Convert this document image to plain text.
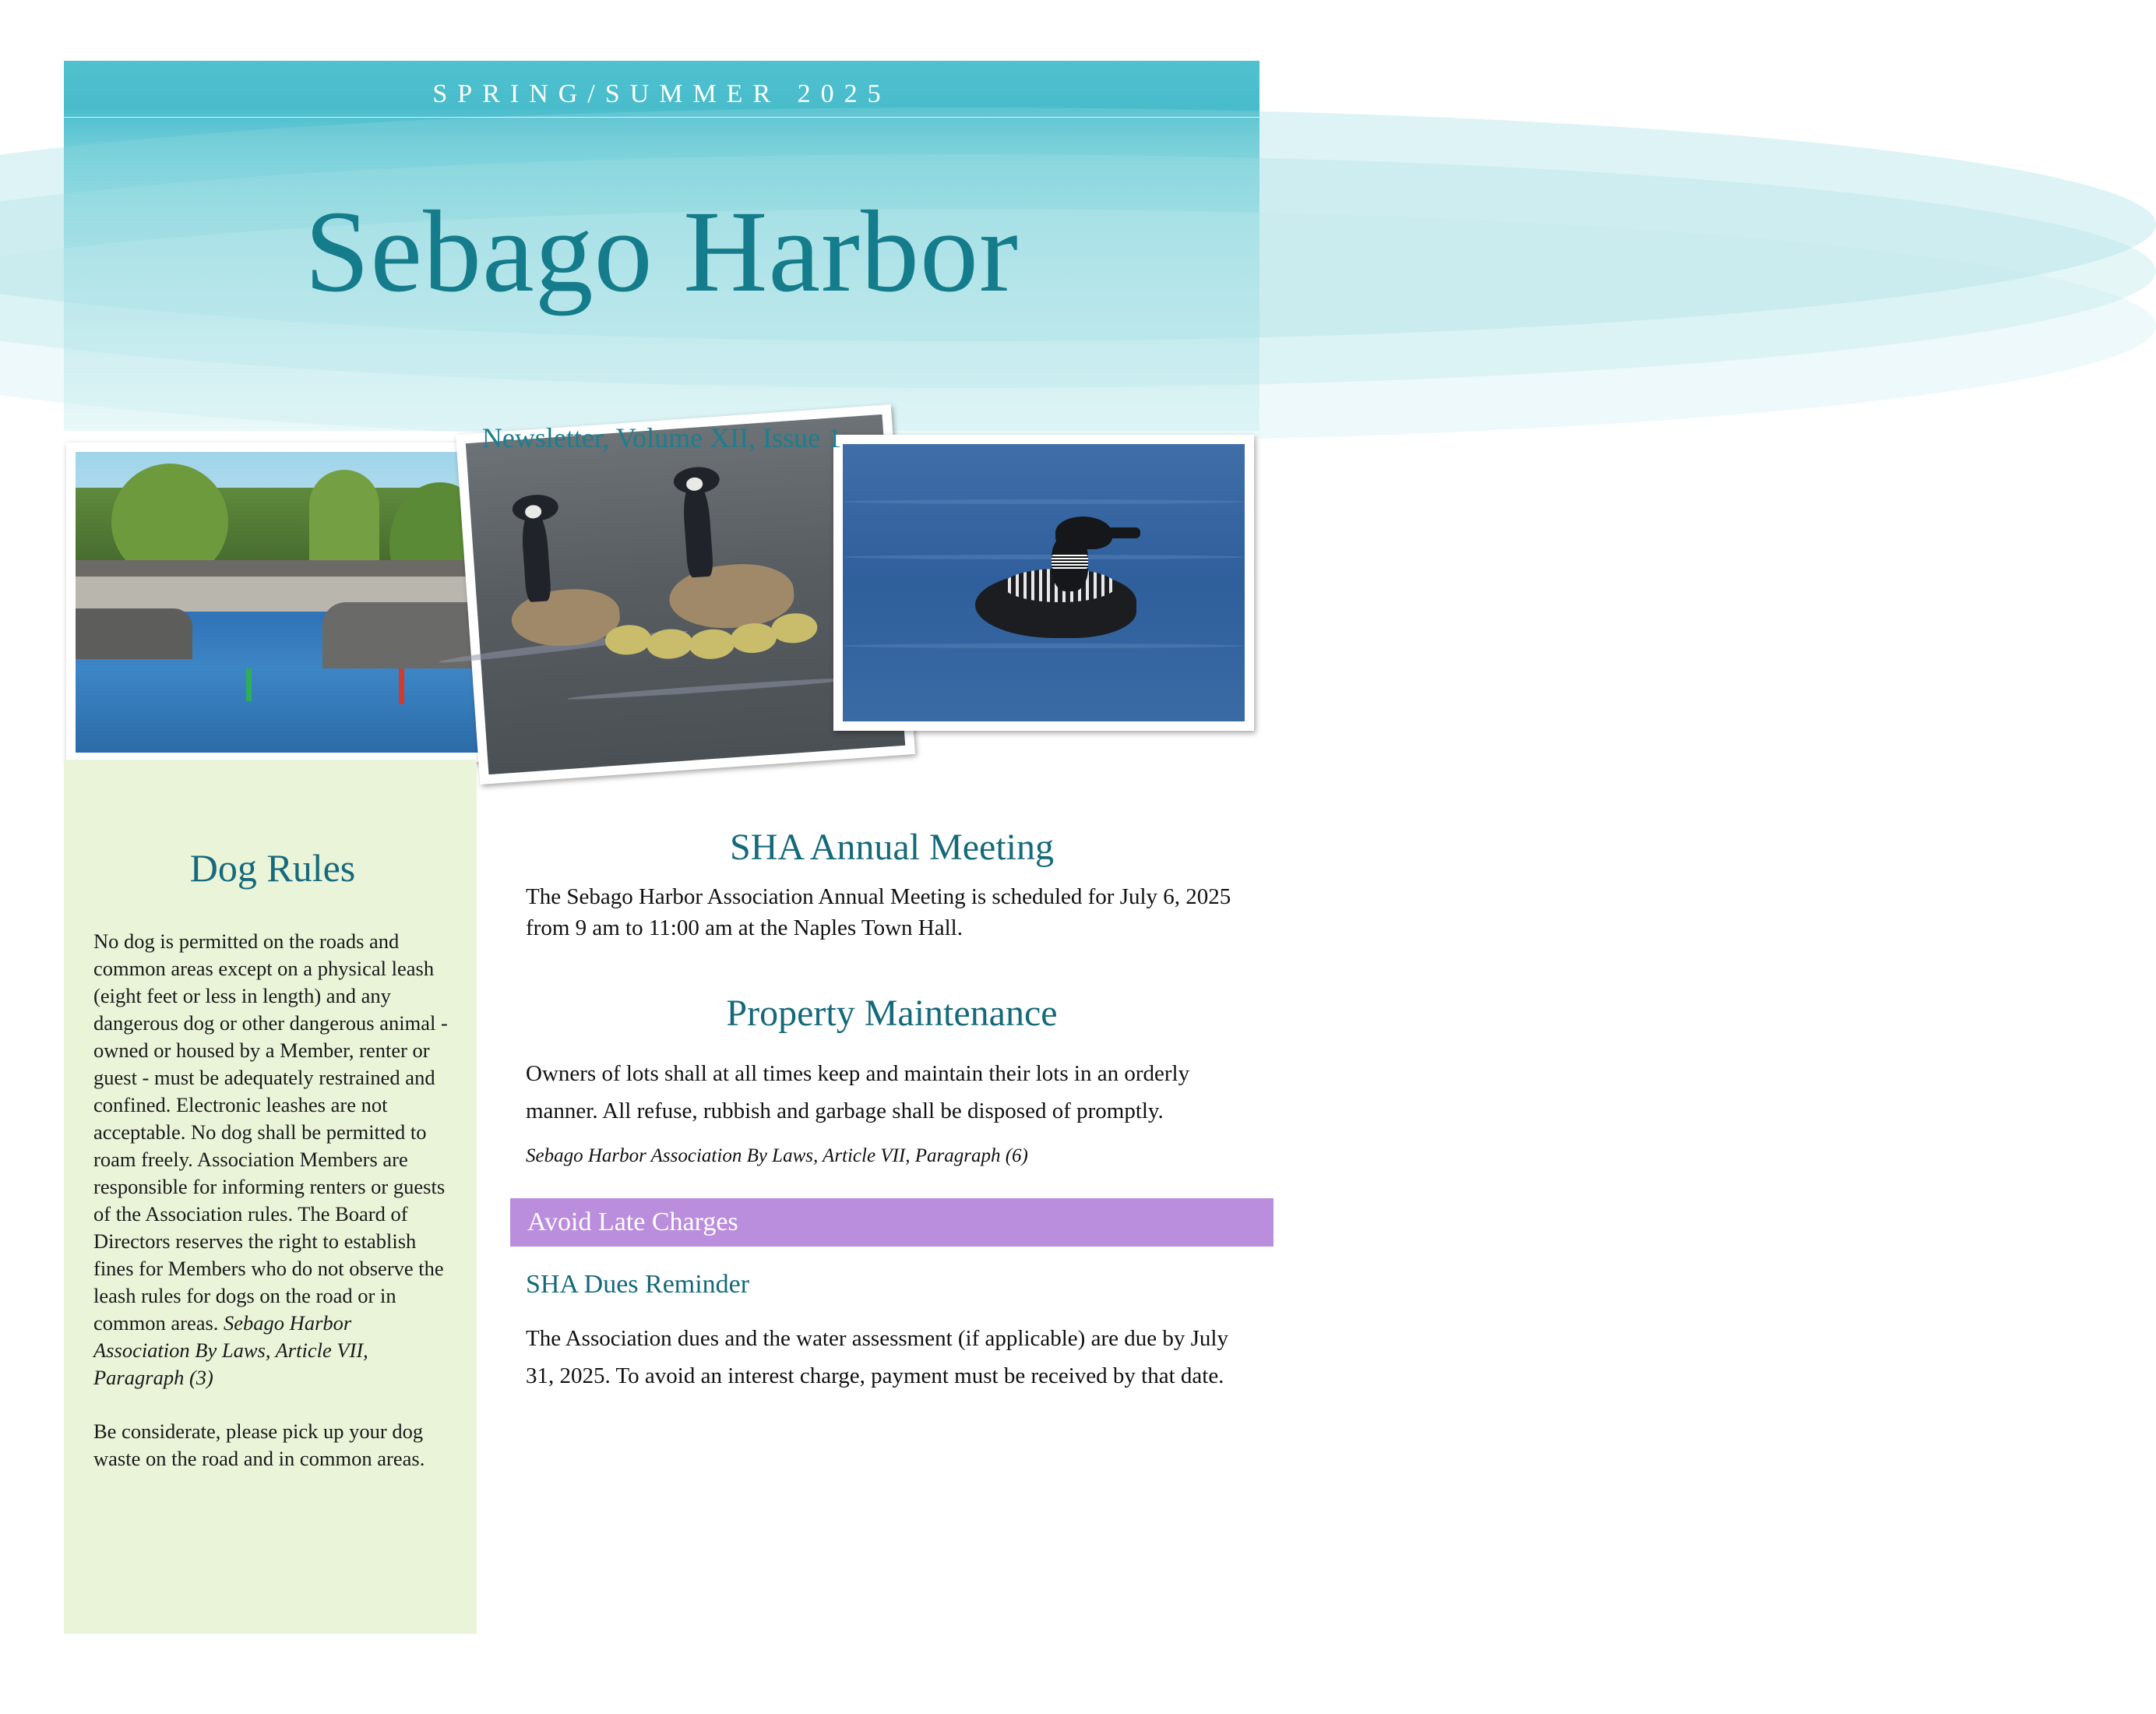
SPRING/SUMMER 2025
Sebago Harbor
Newsletter, Volume XII, Issue 1
Dog Rules

No dog is permitted on the roads and common areas except on a physical leash (eight feet or less in length) and any dangerous dog or other dangerous animal - owned or housed by a Member, renter or guest - must be adequately restrained and confined. Electronic leashes are not acceptable. No dog shall be permitted to roam freely. Association Members are responsible for informing renters or guests of the Association rules. The Board of Directors reserves the right to establish fines for Members who do not observe the leash rules for dogs on the road or in common areas. Sebago Harbor Association By Laws, Article VII, Paragraph (3)

Be considerate, please pick up your dog waste on the road and in common areas.

SHA Annual Meeting

The Sebago Harbor Association Annual Meeting is scheduled for July 6, 2025 from 9 am to 11:00 am at the Naples Town Hall.

Property Maintenance

Owners of lots shall at all times keep and maintain their lots in an orderly manner. All refuse, rubbish and garbage shall be disposed of promptly.

Sebago Harbor Association By Laws, Article VII, Paragraph (6)

Avoid Late Charges
SHA Dues Reminder

The Association dues and the water assessment (if applicable) are due by July 31, 2025. To avoid an interest charge, payment must be received by that date.
